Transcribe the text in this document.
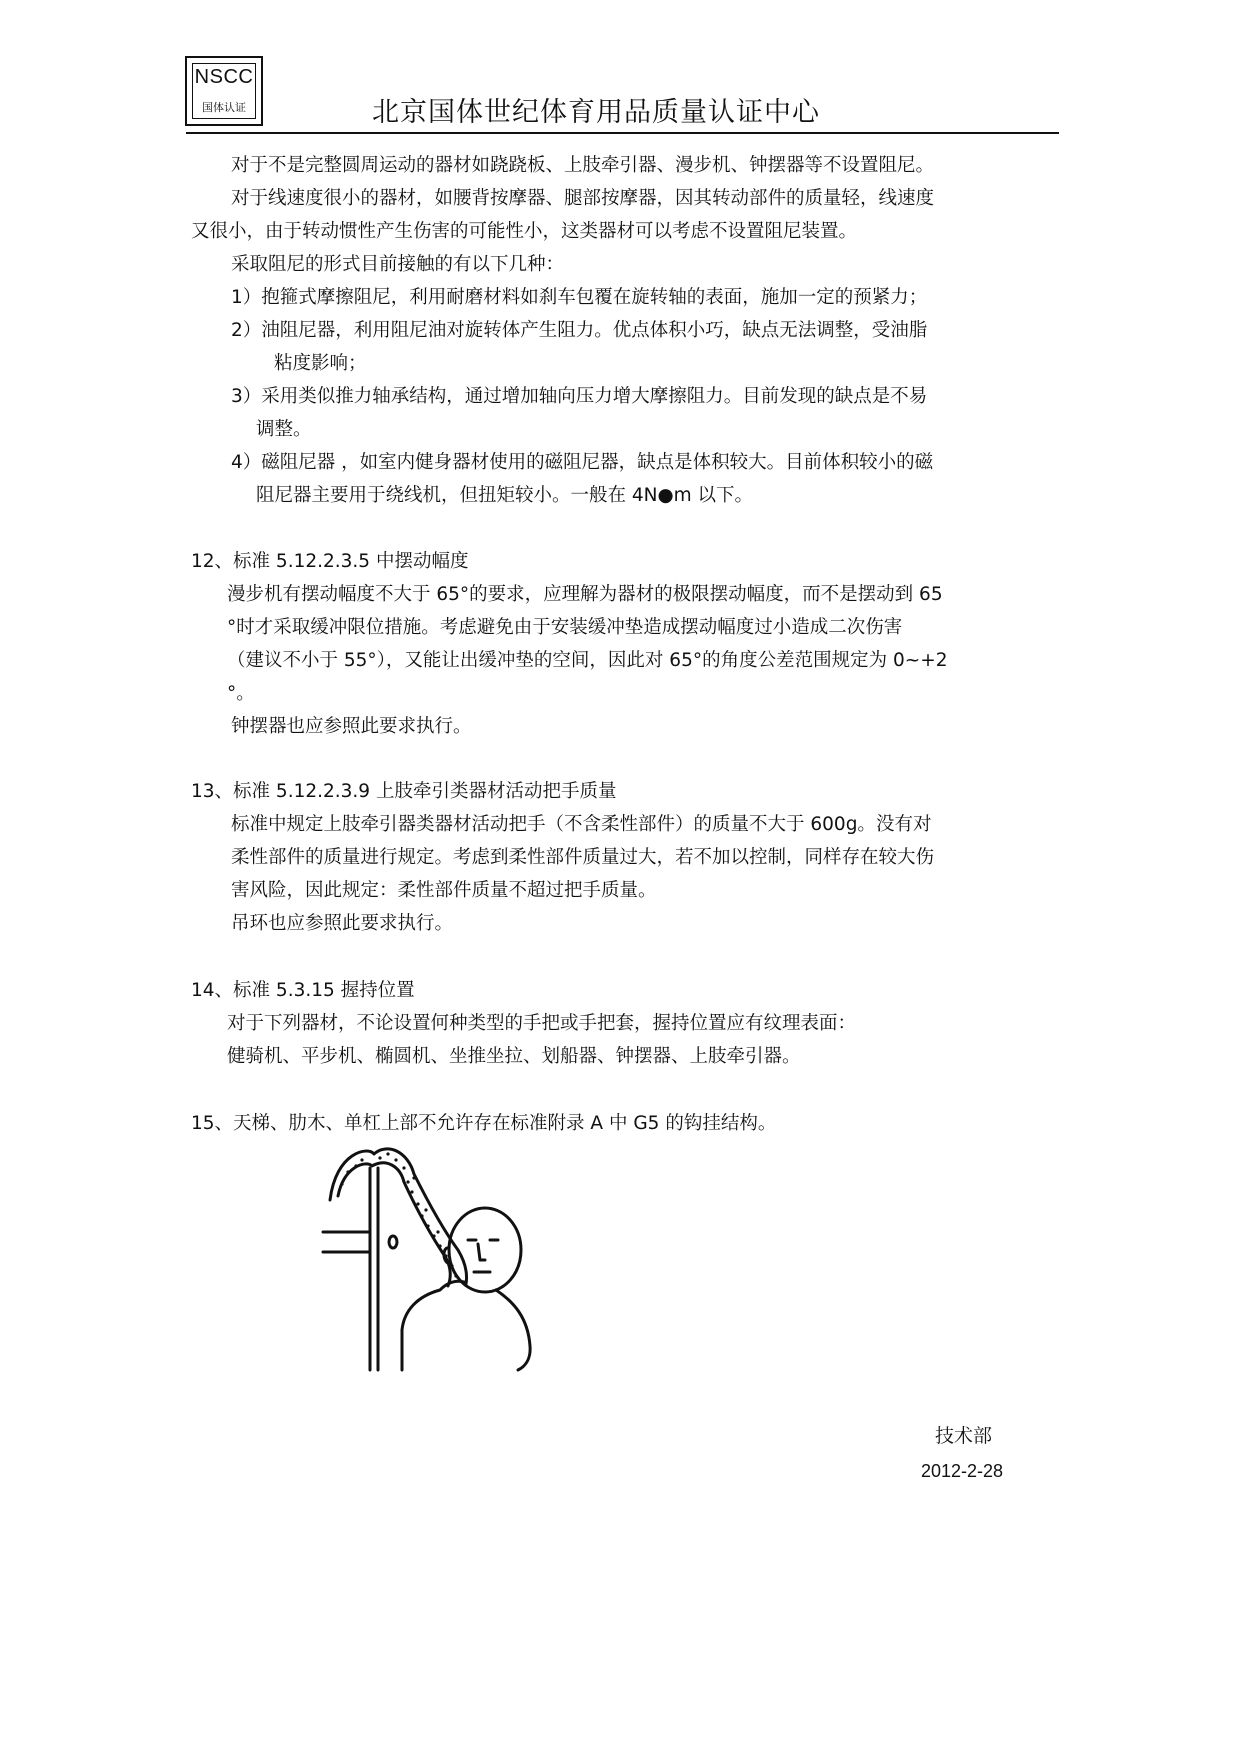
NSCC
国体认证	北京国体世纪体育用品质量认证中心
对于不是完整圆周运动的器材如跷跷板、上肢牵引器、漫步机、钟摆器等不设置阻尼。
对于线速度很小的器材，如腰背按摩器、腿部按摩器，因其转动部件的质量轻，线速度
又很小，由于转动惯性产生伤害的可能性小，这类器材可以考虑不设置阻尼装置。
采取阻尼的形式目前接触的有以下几种：
1）抱箍式摩擦阻尼，利用耐磨材料如刹车包覆在旋转轴的表面，施加一定的预紧力；
2）油阻尼器，利用阻尼油对旋转体产生阻力。优点体积小巧，缺点无法调整，受油脂
粘度影响；
3）采用类似推力轴承结构，通过增加轴向压力增大摩擦阻力。目前发现的缺点是不易
调整。
4）磁阻尼器 ，如室内健身器材使用的磁阻尼器，缺点是体积较大。目前体积较小的磁
阻尼器主要用于绕线机，但扭矩较小。一般在 4N●m 以下。
12、标准 5.12.2.3.5 中摆动幅度
漫步机有摆动幅度不大于 65°的要求，应理解为器材的极限摆动幅度，而不是摆动到 65
°时才采取缓冲限位措施。考虑避免由于安装缓冲垫造成摆动幅度过小造成二次伤害
（建议不小于 55°），又能让出缓冲垫的空间，因此对 65°的角度公差范围规定为 0~+2
°。
钟摆器也应参照此要求执行。
13、标准 5.12.2.3.9 上肢牵引类器材活动把手质量
标准中规定上肢牵引器类器材活动把手（不含柔性部件）的质量不大于 600g。没有对
柔性部件的质量进行规定。考虑到柔性部件质量过大，若不加以控制，同样存在较大伤
害风险，因此规定：柔性部件质量不超过把手质量。
吊环也应参照此要求执行。
14、标准 5.3.15 握持位置
对于下列器材，不论设置何种类型的手把或手把套，握持位置应有纹理表面：
健骑机、平步机、椭圆机、坐推坐拉、划船器、钟摆器、上肢牵引器。
15、天梯、肋木、单杠上部不允许存在标准附录 A 中 G5 的钩挂结构。
技术部
2012-2-28
